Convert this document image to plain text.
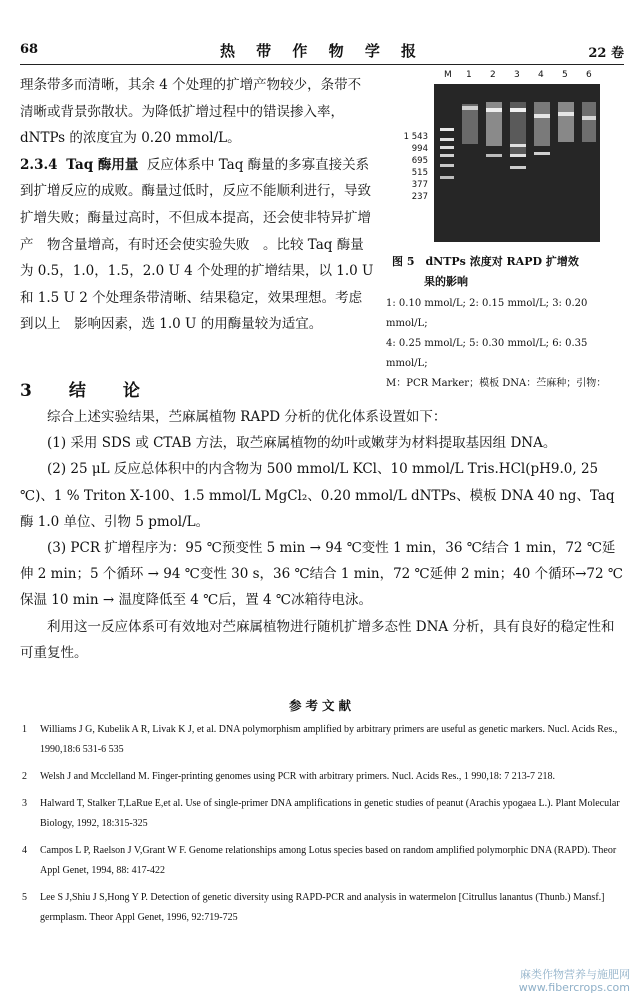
68	热 带 作 物 学 报	22 卷

理条带多而清晰，其余 4 个处理的扩增产物较少，条带不清晰或背景弥散状。为降低扩增过程中的错误掺入率，dNTPs 的浓度宜为 0.20 mmol/L。

2.3.4 Taq 酶用量 反应体系中 Taq 酶量的多寡直接关系到扩增反应的成败。酶量过低时，反应不能顺利进行，导致扩增失败；酶量过高时，不但成本提高，还会使非特异扩增产　物含量增高，有时还会使实验失败　。比较 Taq 酶量为 0.5，1.0，1.5，2.0 U 4 个处理的扩增结果，以 1.0 U 和 1.5 U 2 个处理条带清晰、结果稳定，效果理想。考虑到以上　影响因素，选 1.0 U 的用酶量较为适宜。

M 1 2 3 4 5 6
1 543
994
695
515
377
237
图 5　dNTPs 浓度对 RAPD 扩增效
果的影响
1: 0.10 mmol/L; 2: 0.15 mmol/L; 3: 0.20 mmol/L;
4: 0.25 mmol/L; 5: 0.30 mmol/L; 6: 0.35 mmol/L;
M：PCR Marker；模板 DNA：苎麻种；引物：
3　结　论

综合上述实验结果，苎麻属植物 RAPD 分析的优化体系设置如下：

(1) 采用 SDS 或 CTAB 方法，取苎麻属植物的幼叶或嫩芽为材料提取基因组 DNA。

(2) 25 μL 反应总体积中的内含物为 500 mmol/L KCl、10 mmol/L Tris.HCl(pH9.0, 25 ℃)、1 % Triton X-100、1.5 mmol/L MgCl₂、0.20 mmol/L dNTPs、模板 DNA 40 ng、Taq 酶 1.0 单位、引物 5 pmol/L。

(3) PCR 扩增程序为：95 ℃预变性 5 min → 94 ℃变性 1 min，36 ℃结合 1 min，72 ℃延伸 2 min；5 个循环 → 94 ℃变性 30 s，36 ℃结合 1 min，72 ℃延伸 2 min；40 个循环→72 ℃保温 10 min → 温度降低至 4 ℃后，置 4 ℃冰箱待电泳。

利用这一反应体系可有效地对苎麻属植物进行随机扩增多态性 DNA 分析，具有良好的稳定性和可重复性。

参考文献
1 Williams J G, Kubelik A R, Livak K J, et al. DNA polymorphism amplified by arbitrary primers are useful as genetic markers. Nucl. Acids Res., 1990,18:6 531-6 535
2 Welsh J and Mcclelland M. Finger-printing genomes using PCR with arbitrary primers. Nucl. Acids Res., 1 990,18: 7 213-7 218.
3 Halward T, Stalker T,LaRue E,et al. Use of single-primer DNA amplifications in genetic studies of peanut (Arachis ypogaea L.). Plant Molecular Biology, 1992, 18:315-325
4 Campos L P, Raelson J V,Grant W F. Genome relationships among Lotus species based on random amplified polymorphic DNA (RAPD). Theor Appl Genet, 1994, 88: 417-422
5 Lee S J,Shiu J S,Hong Y P. Detection of genetic diversity using RAPD-PCR and analysis in watermelon [Citrullus lanantus (Thunb.) Mansf.] germplasm. Theor Appl Genet, 1996, 92:719-725
麻类作物营养与施肥网
www.fibercrops.com
